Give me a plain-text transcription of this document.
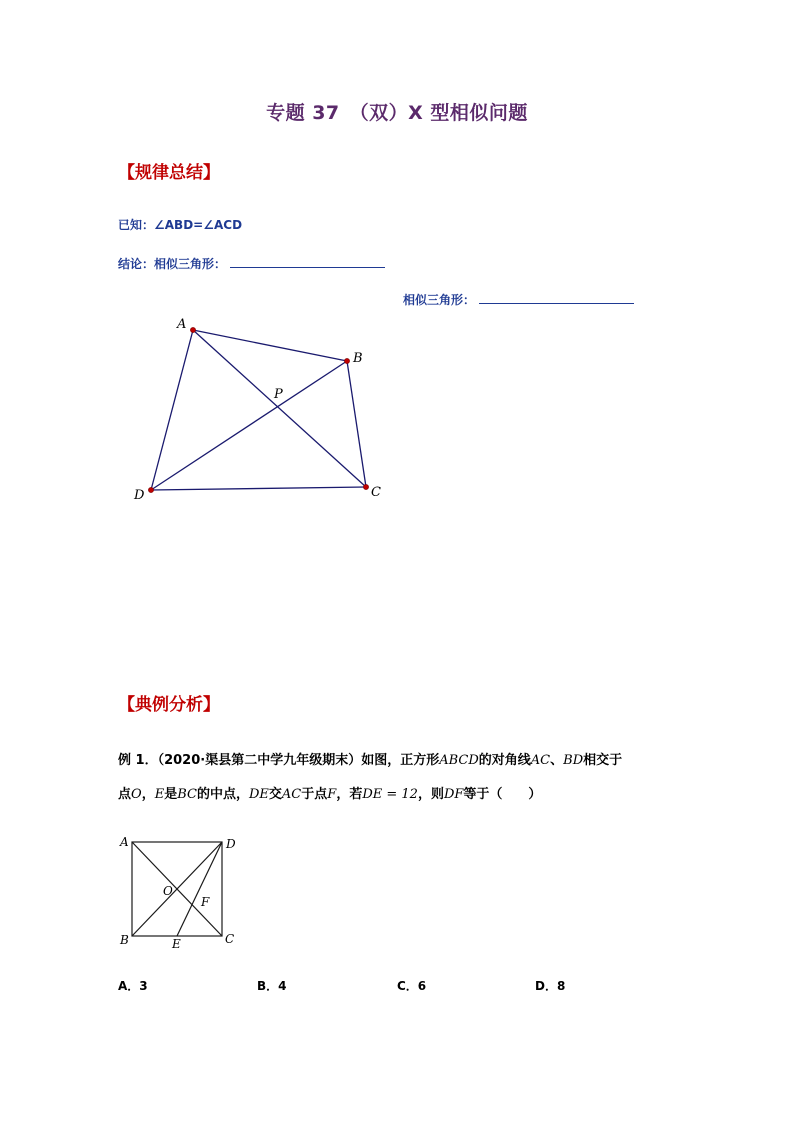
专题 37　（双）X 型相似问题
【规律总结】
已知：∠ABD=∠ACD
结论：相似三角形：
相似三角形：
A
B
C
D
P
【典例分析】
例 1．（2020·渠县第二中学九年级期末）如图，正方形ABCD的对角线AC、BD相交于
点O，E是BC的中点，DE交AC于点F，若DE = 12，则DF等于（　　）
A	D
B	C
O
F
E
A．3	B．4	C．6	D．8
